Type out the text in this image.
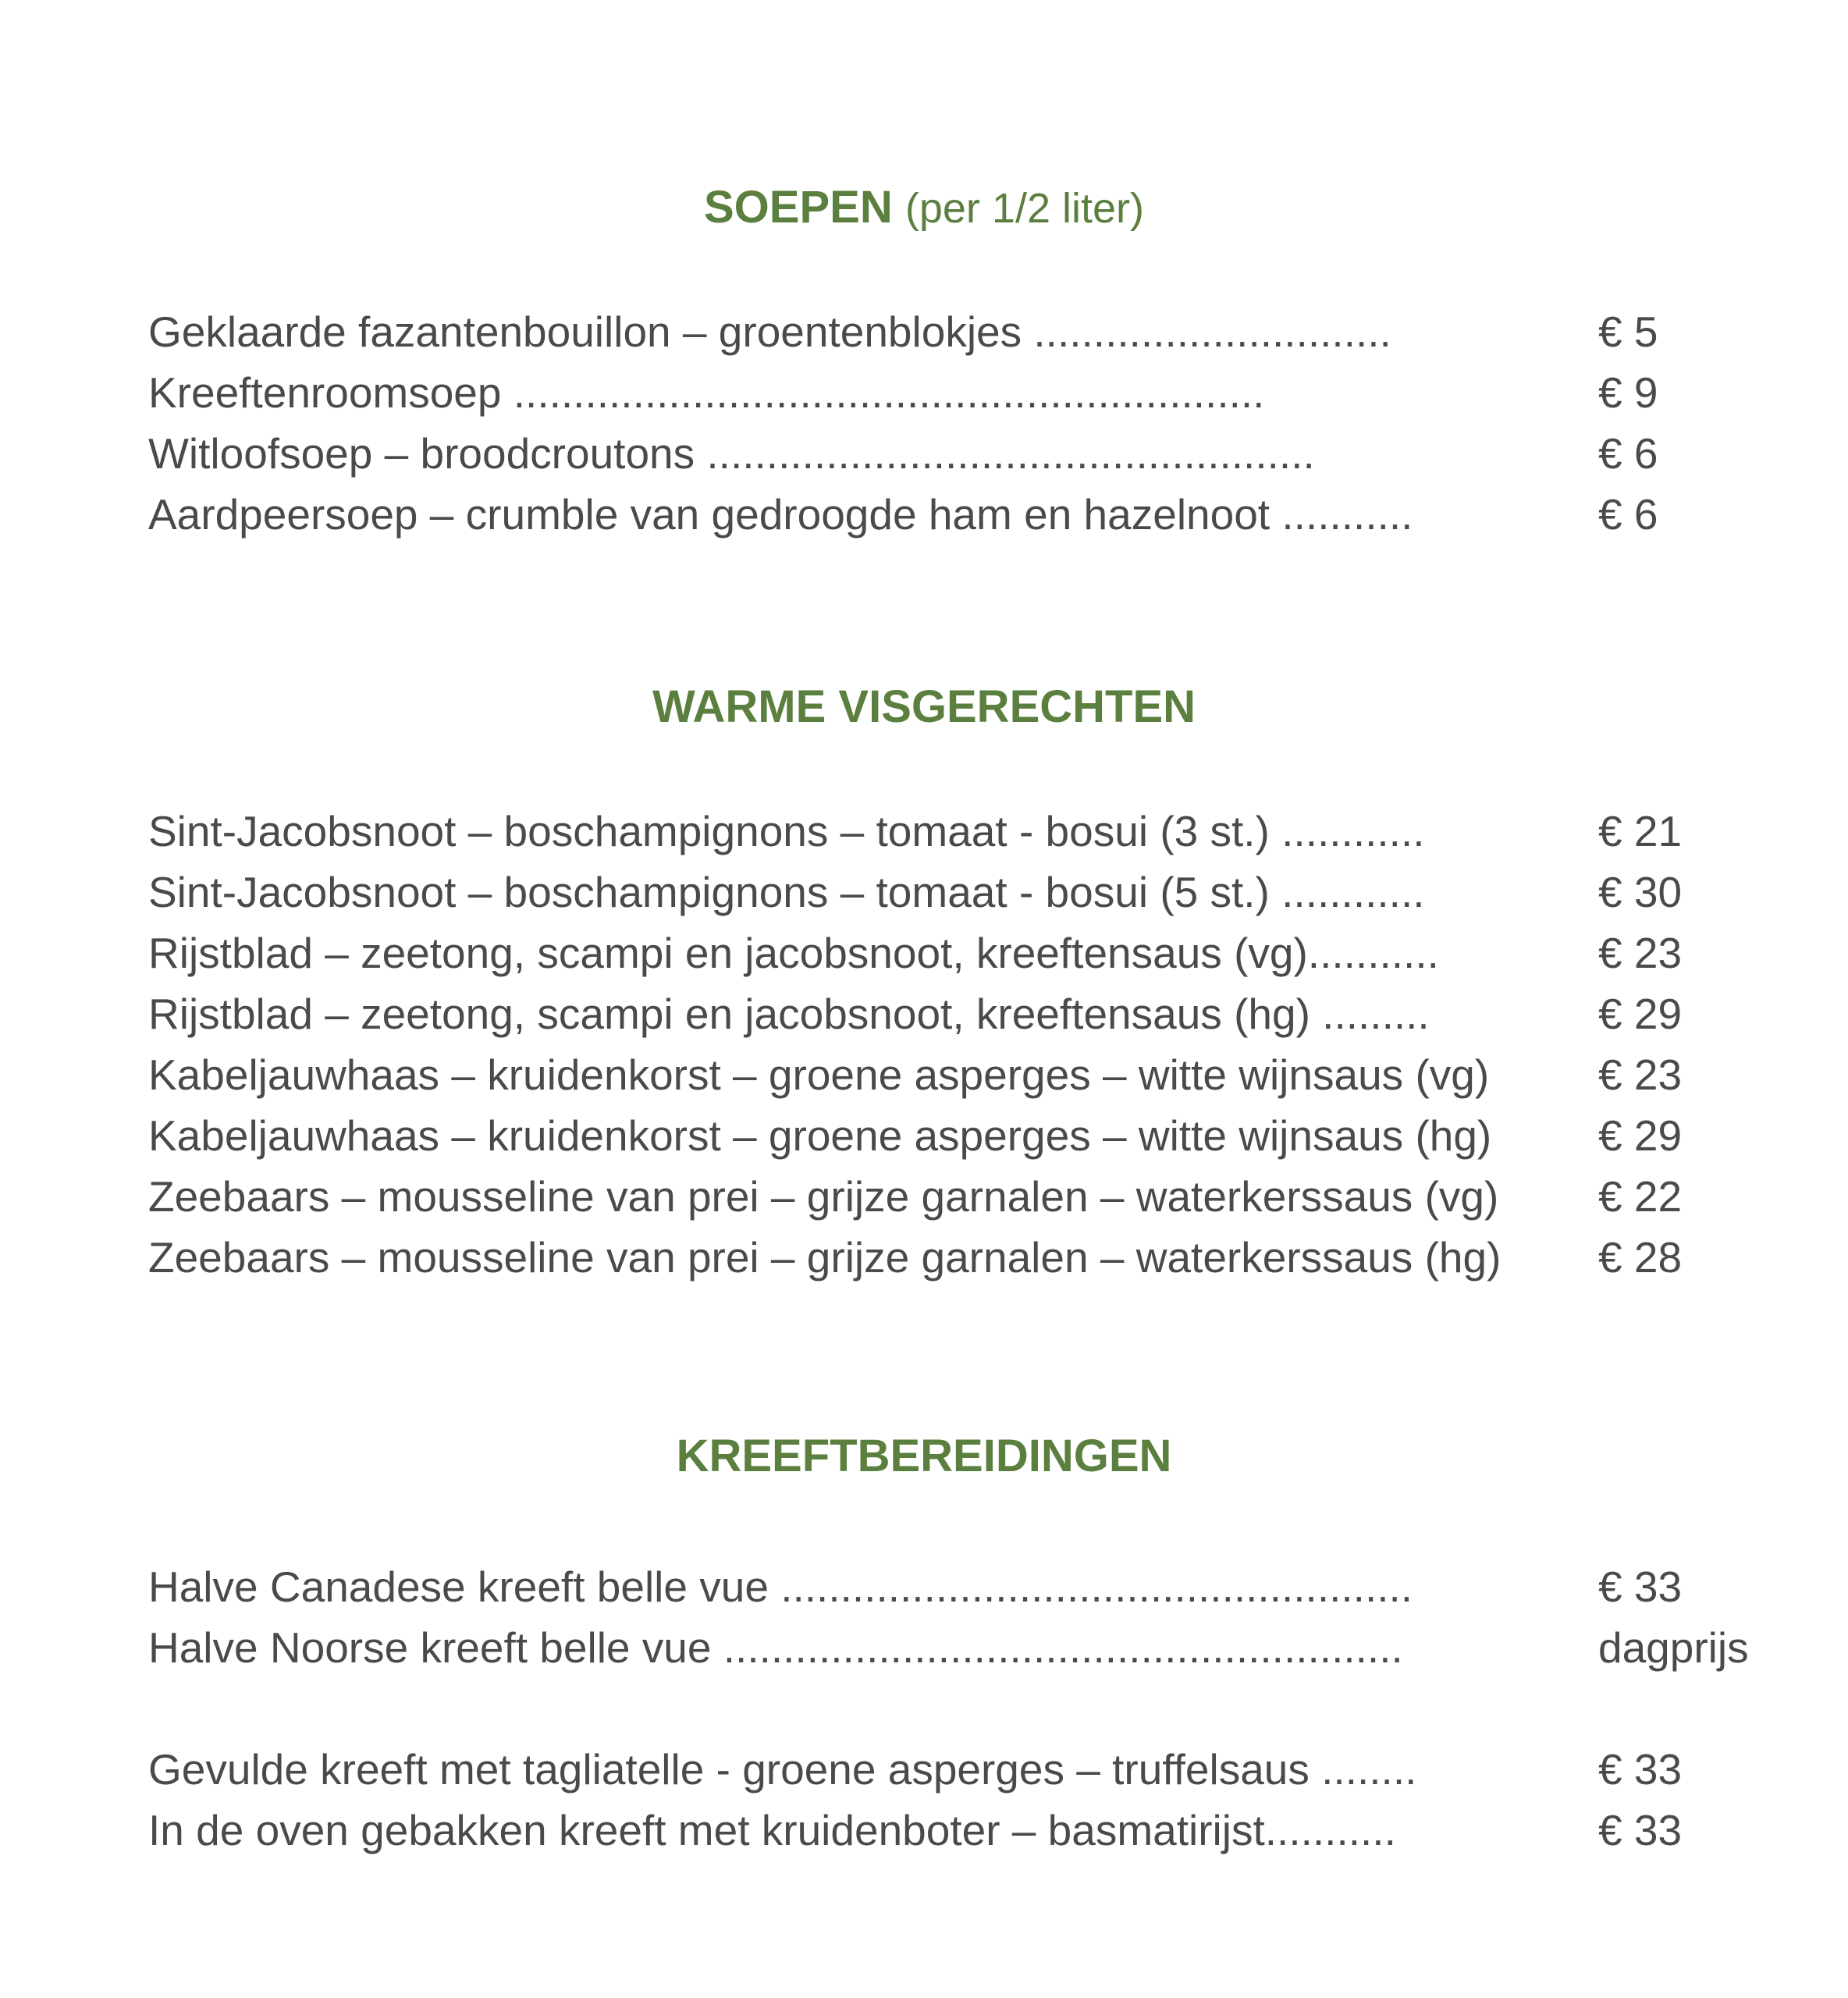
SOEPEN (per 1/2 liter)
Geklaarde fazantenbouillon – groentenblokjes ..............................	€ 5
Kreeftenroomsoep ...............................................................	€ 9
Witloofsoep – broodcroutons ...................................................	€ 6
Aardpeersoep – crumble van gedroogde ham en hazelnoot ...........	€ 6
WARME VISGERECHTEN
Sint-Jacobsnoot – boschampignons – tomaat - bosui (3 st.) ............	€ 21
Sint-Jacobsnoot – boschampignons – tomaat - bosui (5 st.) ............	€ 30
Rijstblad – zeetong, scampi en jacobsnoot, kreeftensaus (vg)...........	€ 23
Rijstblad – zeetong, scampi en jacobsnoot, kreeftensaus (hg) .........	€ 29
Kabeljauwhaas – kruidenkorst – groene asperges – witte wijnsaus (vg)	€ 23
Kabeljauwhaas – kruidenkorst – groene asperges – witte wijnsaus (hg) € 29
Zeebaars – mousseline van prei – grijze garnalen – waterkerssaus (vg) € 22
Zeebaars – mousseline van prei – grijze garnalen – waterkerssaus (hg) € 28
KREEFTBEREIDINGEN
Halve Canadese kreeft belle vue .....................................................	€ 33
Halve Noorse kreeft belle vue .........................................................	dagprijs
Gevulde kreeft met tagliatelle - groene asperges – truffelsaus ........	€ 33
In de oven gebakken kreeft met kruidenboter – basmatirijst...........	€ 33
